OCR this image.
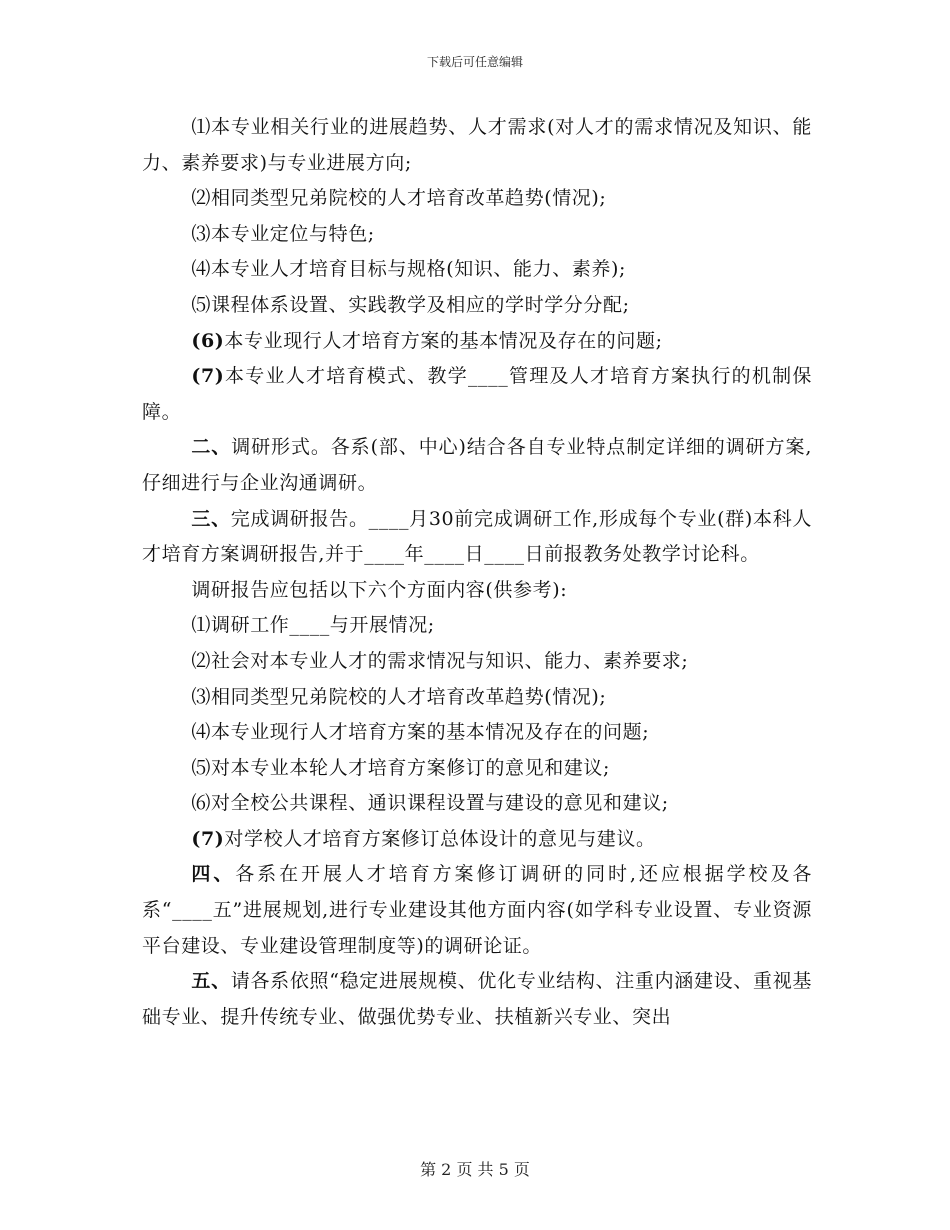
下载后可任意编辑

⑴本专业相关行业的进展趋势、人才需求(对人才的需求情况及知识、能力、素养要求)与专业进展方向;

⑵相同类型兄弟院校的人才培育改革趋势(情况);

⑶本专业定位与特色;

⑷本专业人才培育目标与规格(知识、能力、素养);

⑸课程体系设置、实践教学及相应的学时学分分配;

(6)本专业现行人才培育方案的基本情况及存在的问题;

(7)本专业人才培育模式、教学____管理及人才培育方案执行的机制保障。

二、调研形式。各系(部、中心)结合各自专业特点制定详细的调研方案,仔细进行与企业沟通调研。

三、完成调研报告。____月30前完成调研工作,形成每个专业(群)本科人才培育方案调研报告,并于____年____日____日前报教务处教学讨论科。

调研报告应包括以下六个方面内容(供参考):

⑴调研工作____与开展情况;

⑵社会对本专业人才的需求情况与知识、能力、素养要求;

⑶相同类型兄弟院校的人才培育改革趋势(情况);

⑷本专业现行人才培育方案的基本情况及存在的问题;

⑸对本专业本轮人才培育方案修订的意见和建议;

⑹对全校公共课程、通识课程设置与建设的意见和建议;

(7)对学校人才培育方案修订总体设计的意见与建议。

四、各系在开展人才培育方案修订调研的同时,还应根据学校及各系“____五”进展规划,进行专业建设其他方面内容(如学科专业设置、专业资源平台建设、专业建设管理制度等)的调研论证。

五、请各系依照“稳定进展规模、优化专业结构、注重内涵建设、重视基础专业、提升传统专业、做强优势专业、扶植新兴专业、突出

第 2 页 共 5 页
